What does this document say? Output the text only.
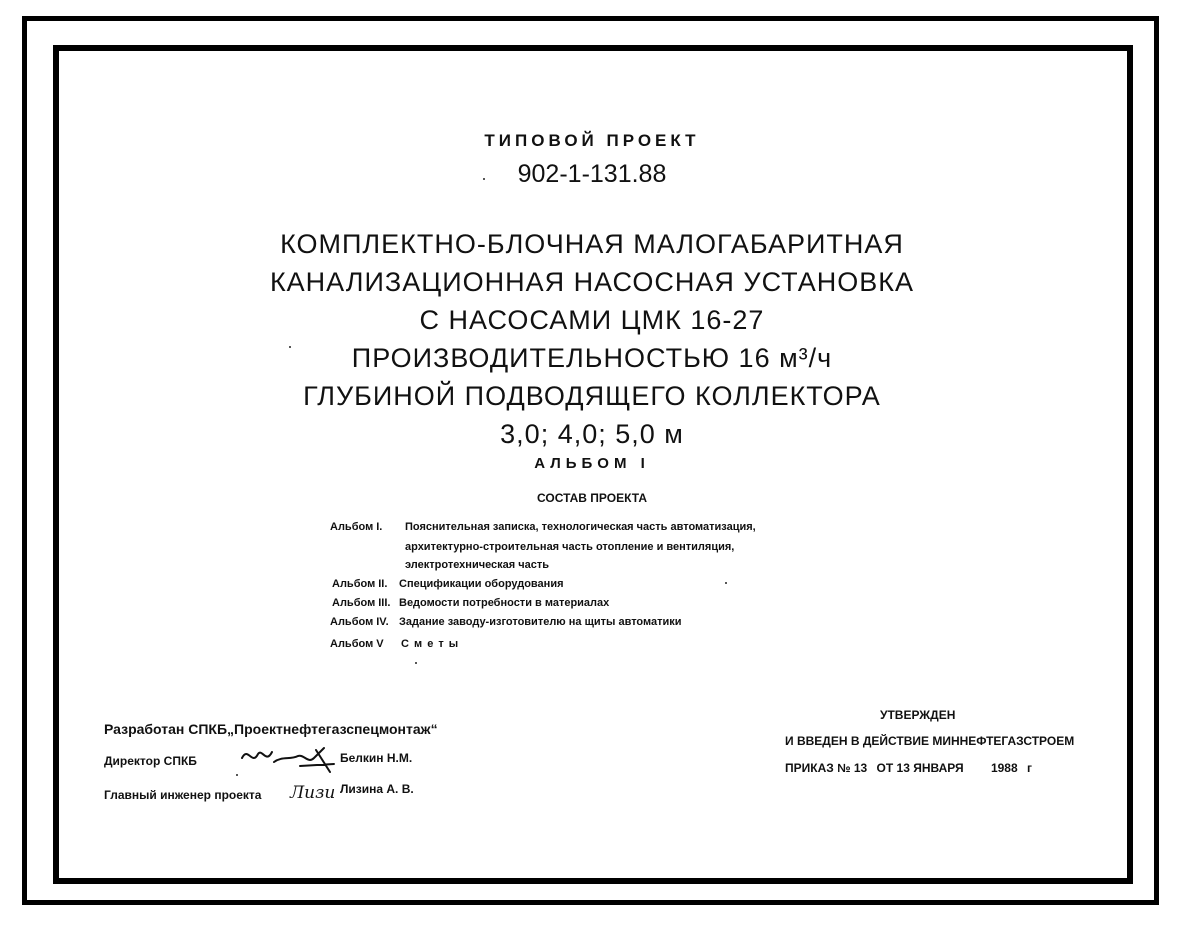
ТИПОВОЙ ПРОЕКТ
902-1-131.88
КОМПЛЕКТНО-БЛОЧНАЯ МАЛОГАБАРИТНАЯ
КАНАЛИЗАЦИОННАЯ НАСОСНАЯ УСТАНОВКА
С НАСОСАМИ ЦМК 16-27
ПРОИЗВОДИТЕЛЬНОСТЬЮ 16 м³/ч
ГЛУБИНОЙ ПОДВОДЯЩЕГО КОЛЛЕКТОРА
3,0; 4,0; 5,0 м
АЛЬБОМ I
СОСТАВ ПРОЕКТА
Альбом I. Пояснительная записка, технологическая часть автоматизация,
архитектурно-строительная часть отопление и вентиляция,
электротехническая часть
Альбом II. Спецификации оборудования
Альбом III. Ведомости потребности в материалах
Альбом IV. Задание заводу-изготовителю на щиты автоматики
Альбом V С м е т ы
Разработан СПКБ„Проектнефтегазспецмонтаж“
Директор СПКБ	Белкин Н.М.
Главный инженер проекта Лизи Лизина А. В.
УТВЕРЖДЕН
И ВВЕДЕН В ДЕЙСТВИЕ МИННЕФТЕГАЗСТРОЕМ
ПРИКАЗ № 13 ОТ 13 ЯНВАРЯ 1988 г
